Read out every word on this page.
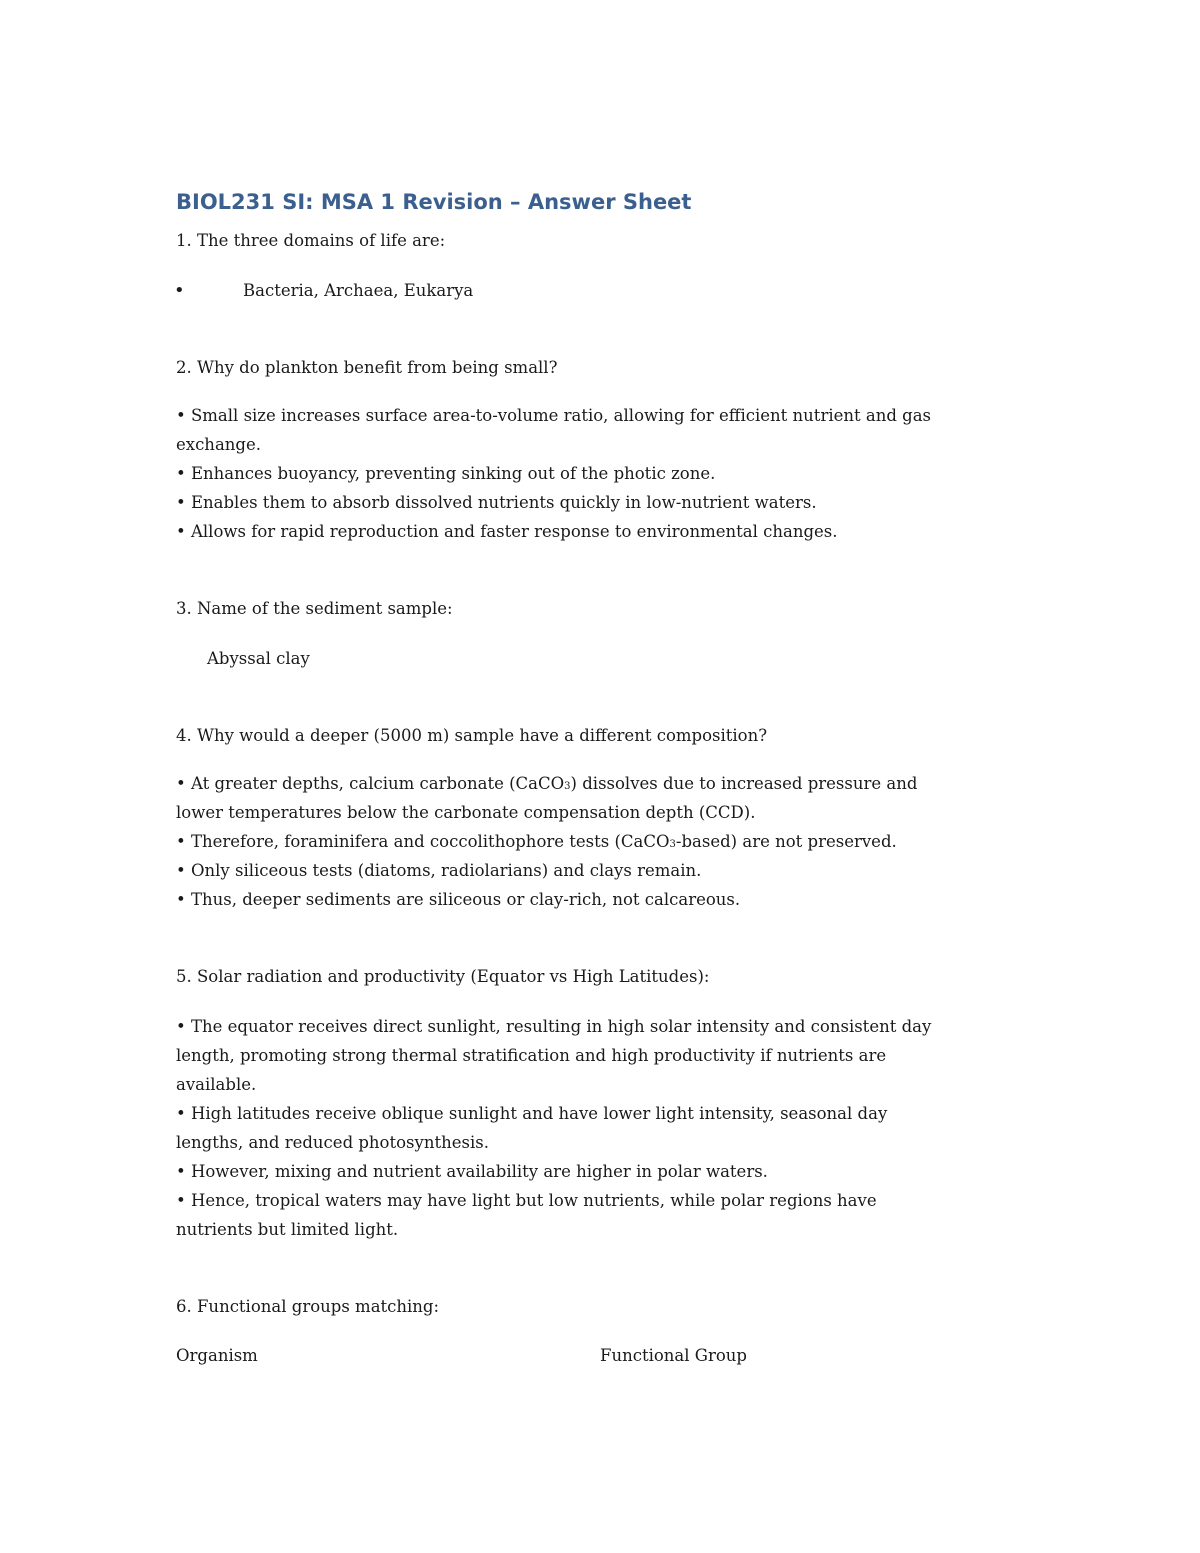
BIOL231 SI: MSA 1 Revision – Answer Sheet

1. The three domains of life are:

•	Bacteria, Archaea, Eukarya

2. Why do plankton benefit from being small?

• Small size increases surface area-to-volume ratio, allowing for efficient nutrient and gas

exchange.

• Enhances buoyancy, preventing sinking out of the photic zone.

• Enables them to absorb dissolved nutrients quickly in low-nutrient waters.

• Allows for rapid reproduction and faster response to environmental changes.

3. Name of the sediment sample:

Abyssal clay

4. Why would a deeper (5000 m) sample have a different composition?

• At greater depths, calcium carbonate (CaCO3) dissolves due to increased pressure and

lower temperatures below the carbonate compensation depth (CCD).

• Therefore, foraminifera and coccolithophore tests (CaCO3-based) are not preserved.

• Only siliceous tests (diatoms, radiolarians) and clays remain.

• Thus, deeper sediments are siliceous or clay-rich, not calcareous.

5. Solar radiation and productivity (Equator vs High Latitudes):

• The equator receives direct sunlight, resulting in high solar intensity and consistent day

length, promoting strong thermal stratification and high productivity if nutrients are

available.

• High latitudes receive oblique sunlight and have lower light intensity, seasonal day

lengths, and reduced photosynthesis.

• However, mixing and nutrient availability are higher in polar waters.

• Hence, tropical waters may have light but low nutrients, while polar regions have

nutrients but limited light.

6. Functional groups matching:

Organism	Functional Group
